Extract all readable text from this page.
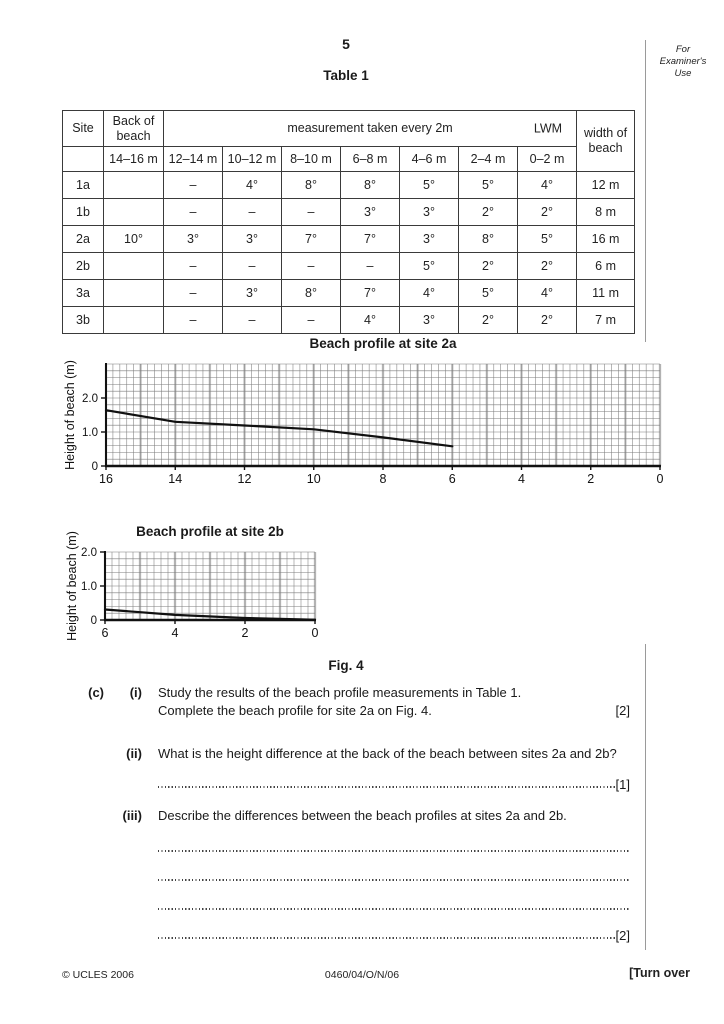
5	For
Examiner's
Use
Table 1
Site	Back of beach	measurement taken every 2m LWM							width of beach
	14–16 m	12–14 m	10–12 m	8–10 m	6–8 m	4–6 m	2–4 m	0–2 m	
1a		–	4°	8°	8°	5°	5°	4°	12 m
1b		–	–	–	3°	3°	2°	2°	8 m
2a	10°	3°	3°	7°	7°	3°	8°	5°	16 m
2b		–	–	–	–	5°	2°	2°	6 m
3a		–	3°	8°	7°	4°	5°	4°	11 m
3b		–	–	–	4°	3°	2°	2°	7 m
Beach profile at site 2a
Height of beach (m)
16	14	12	10	8	6	4	2	0
0
1.0
2.0
Beach profile at site 2b
Height of beach (m) 6	4	2	0
0
1.0
2.0
Fig. 4
(c)	(i)	Study the results of the beach profile measurements in Table 1.
Complete the beach profile for site 2a on Fig. 4.	[2]
(ii)	What is the height difference at the back of the beach between sites 2a and 2b?
[1]
(iii)	Describe the differences between the beach profiles at sites 2a and 2b.
[2]
© UCLES 2006	0460/04/O/N/06	[Turn over
